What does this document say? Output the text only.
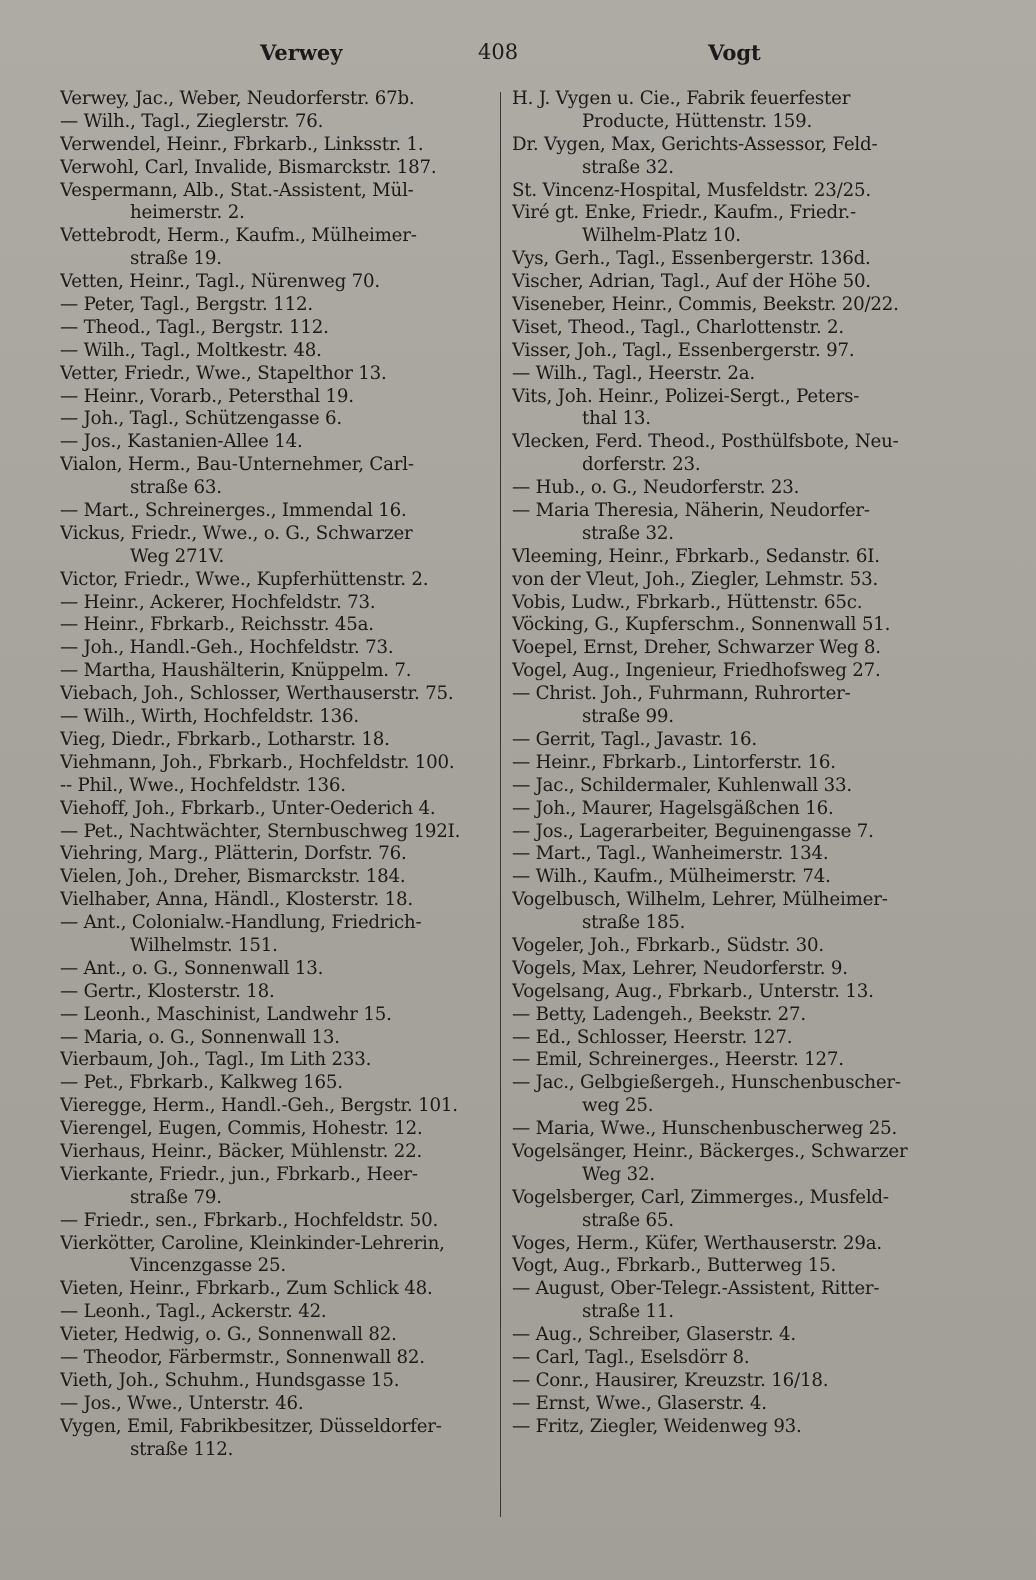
Verwey	408	Vogt
Verwey, Jac., Weber, Neudorferstr. 67b.
— Wilh., Tagl., Zieglerstr. 76.
Verwendel, Heinr., Fbrkarb., Linksstr. 1.
Verwohl, Carl, Invalide, Bismarckstr. 187.
Vespermann, Alb., Stat.-Assistent, Mül-
heimerstr. 2.
Vettebrodt, Herm., Kaufm., Mülheimer-
straße 19.
Vetten, Heinr., Tagl., Nürenweg 70.
— Peter, Tagl., Bergstr. 112.
— Theod., Tagl., Bergstr. 112.
— Wilh., Tagl., Moltkestr. 48.
Vetter, Friedr., Wwe., Stapelthor 13.
— Heinr., Vorarb., Petersthal 19.
— Joh., Tagl., Schützengasse 6.
— Jos., Kastanien-Allee 14.
Vialon, Herm., Bau-Unternehmer, Carl-
straße 63.
— Mart., Schreinerges., Immendal 16.
Vickus, Friedr., Wwe., o. G., Schwarzer
Weg 271V.
Victor, Friedr., Wwe., Kupferhüttenstr. 2.
— Heinr., Ackerer, Hochfeldstr. 73.
— Heinr., Fbrkarb., Reichsstr. 45a.
— Joh., Handl.-Geh., Hochfeldstr. 73.
— Martha, Haushälterin, Knüppelm. 7.
Viebach, Joh., Schlosser, Werthauserstr. 75.
— Wilh., Wirth, Hochfeldstr. 136.
Vieg, Diedr., Fbrkarb., Lotharstr. 18.
Viehmann, Joh., Fbrkarb., Hochfeldstr. 100.
-- Phil., Wwe., Hochfeldstr. 136.
Viehoff, Joh., Fbrkarb., Unter-Oederich 4.
— Pet., Nachtwächter, Sternbuschweg 192I.
Viehring, Marg., Plätterin, Dorfstr. 76.
Vielen, Joh., Dreher, Bismarckstr. 184.
Vielhaber, Anna, Händl., Klosterstr. 18.
— Ant., Colonialw.-Handlung, Friedrich-
Wilhelmstr. 151.
— Ant., o. G., Sonnenwall 13.
— Gertr., Klosterstr. 18.
— Leonh., Maschinist, Landwehr 15.
— Maria, o. G., Sonnenwall 13.
Vierbaum, Joh., Tagl., Im Lith 233.
— Pet., Fbrkarb., Kalkweg 165.
Vieregge, Herm., Handl.-Geh., Bergstr. 101.
Vierengel, Eugen, Commis, Hohestr. 12.
Vierhaus, Heinr., Bäcker, Mühlenstr. 22.
Vierkante, Friedr., jun., Fbrkarb., Heer-
straße 79.
— Friedr., sen., Fbrkarb., Hochfeldstr. 50.
Vierkötter, Caroline, Kleinkinder-Lehrerin,
Vincenzgasse 25.
Vieten, Heinr., Fbrkarb., Zum Schlick 48.
— Leonh., Tagl., Ackerstr. 42.
Vieter, Hedwig, o. G., Sonnenwall 82.
— Theodor, Färbermstr., Sonnenwall 82.
Vieth, Joh., Schuhm., Hundsgasse 15.
— Jos., Wwe., Unterstr. 46.
Vygen, Emil, Fabrikbesitzer, Düsseldorfer-
straße 112.
H. J. Vygen u. Cie., Fabrik feuerfester
Producte, Hüttenstr. 159.
Dr. Vygen, Max, Gerichts-Assessor, Feld-
straße 32.
St. Vincenz-Hospital, Musfeldstr. 23/25.
Viré gt. Enke, Friedr., Kaufm., Friedr.-
Wilhelm-Platz 10.
Vys, Gerh., Tagl., Essenbergerstr. 136d.
Vischer, Adrian, Tagl., Auf der Höhe 50.
Viseneber, Heinr., Commis, Beekstr. 20/22.
Viset, Theod., Tagl., Charlottenstr. 2.
Visser, Joh., Tagl., Essenbergerstr. 97.
— Wilh., Tagl., Heerstr. 2a.
Vits, Joh. Heinr., Polizei-Sergt., Peters-
thal 13.
Vlecken, Ferd. Theod., Posthülfsbote, Neu-
dorferstr. 23.
— Hub., o. G., Neudorferstr. 23.
— Maria Theresia, Näherin, Neudorfer-
straße 32.
Vleeming, Heinr., Fbrkarb., Sedanstr. 6I.
von der Vleut, Joh., Ziegler, Lehmstr. 53.
Vobis, Ludw., Fbrkarb., Hüttenstr. 65c.
Vöcking, G., Kupferschm., Sonnenwall 51.
Voepel, Ernst, Dreher, Schwarzer Weg 8.
Vogel, Aug., Ingenieur, Friedhofsweg 27.
— Christ. Joh., Fuhrmann, Ruhrorter-
straße 99.
— Gerrit, Tagl., Javastr. 16.
— Heinr., Fbrkarb., Lintorferstr. 16.
— Jac., Schildermaler, Kuhlenwall 33.
— Joh., Maurer, Hagelsgäßchen 16.
— Jos., Lagerarbeiter, Beguinengasse 7.
— Mart., Tagl., Wanheimerstr. 134.
— Wilh., Kaufm., Mülheimerstr. 74.
Vogelbusch, Wilhelm, Lehrer, Mülheimer-
straße 185.
Vogeler, Joh., Fbrkarb., Südstr. 30.
Vogels, Max, Lehrer, Neudorferstr. 9.
Vogelsang, Aug., Fbrkarb., Unterstr. 13.
— Betty, Ladengeh., Beekstr. 27.
— Ed., Schlosser, Heerstr. 127.
— Emil, Schreinerges., Heerstr. 127.
— Jac., Gelbgießergeh., Hunschenbuscher-
weg 25.
— Maria, Wwe., Hunschenbuscherweg 25.
Vogelsänger, Heinr., Bäckerges., Schwarzer
Weg 32.
Vogelsberger, Carl, Zimmerges., Musfeld-
straße 65.
Voges, Herm., Küfer, Werthauserstr. 29a.
Vogt, Aug., Fbrkarb., Butterweg 15.
— August, Ober-Telegr.-Assistent, Ritter-
straße 11.
— Aug., Schreiber, Glaserstr. 4.
— Carl, Tagl., Eselsdörr 8.
— Conr., Hausirer, Kreuzstr. 16/18.
— Ernst, Wwe., Glaserstr. 4.
— Fritz, Ziegler, Weidenweg 93.
